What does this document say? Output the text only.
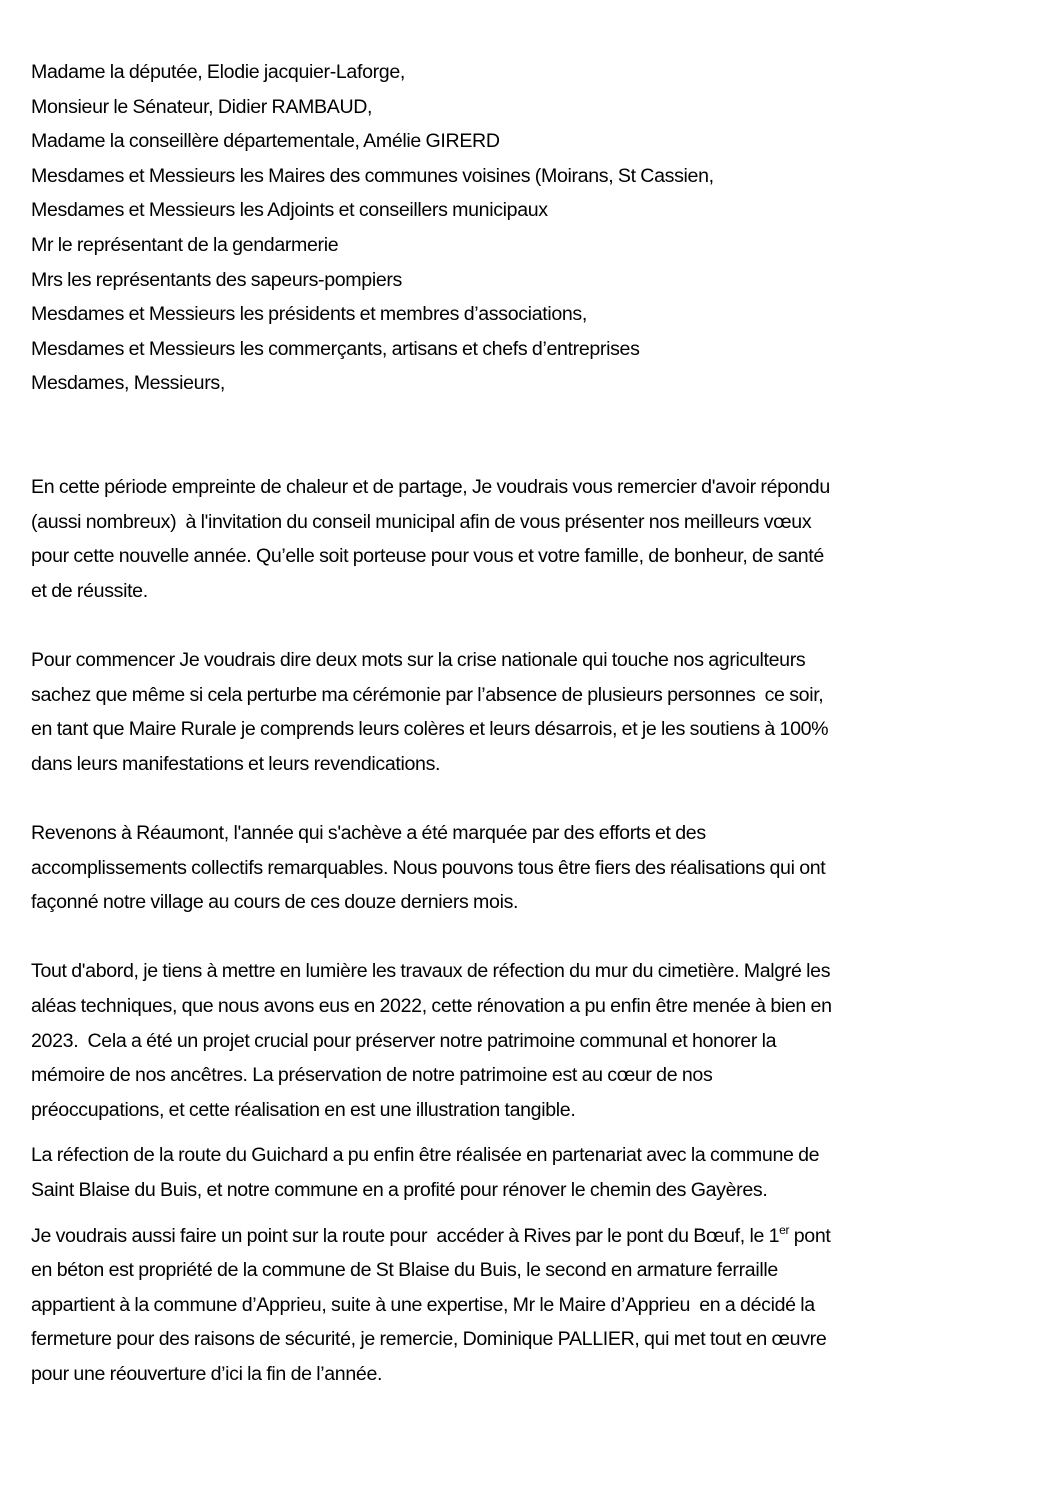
Madame la députée, Elodie jacquier-Laforge,

Monsieur le Sénateur, Didier RAMBAUD,

Madame la conseillère départementale, Amélie GIRERD

Mesdames et Messieurs les Maires des communes voisines (Moirans, St Cassien,

Mesdames et Messieurs les Adjoints et conseillers municipaux

Mr le représentant de la gendarmerie

Mrs les représentants des sapeurs-pompiers

Mesdames et Messieurs les présidents et membres d’associations,

Mesdames et Messieurs les commerçants, artisans et chefs d’entreprises

Mesdames, Messieurs,

En cette période empreinte de chaleur et de partage, Je voudrais vous remercier d'avoir répondu

(aussi nombreux)  à l'invitation du conseil municipal afin de vous présenter nos meilleurs vœux

pour cette nouvelle année. Qu’elle soit porteuse pour vous et votre famille, de bonheur, de santé

et de réussite.

Pour commencer Je voudrais dire deux mots sur la crise nationale qui touche nos agriculteurs

sachez que même si cela perturbe ma cérémonie par l’absence de plusieurs personnes  ce soir,

en tant que Maire Rurale je comprends leurs colères et leurs désarrois, et je les soutiens à 100%

dans leurs manifestations et leurs revendications.

Revenons à Réaumont, l'année qui s'achève a été marquée par des efforts et des

accomplissements collectifs remarquables. Nous pouvons tous être fiers des réalisations qui ont

façonné notre village au cours de ces douze derniers mois.

Tout d'abord, je tiens à mettre en lumière les travaux de réfection du mur du cimetière. Malgré les

aléas techniques, que nous avons eus en 2022, cette rénovation a pu enfin être menée à bien en

2023.  Cela a été un projet crucial pour préserver notre patrimoine communal et honorer la

mémoire de nos ancêtres. La préservation de notre patrimoine est au cœur de nos

préoccupations, et cette réalisation en est une illustration tangible.

La réfection de la route du Guichard a pu enfin être réalisée en partenariat avec la commune de

Saint Blaise du Buis, et notre commune en a profité pour rénover le chemin des Gayères.

Je voudrais aussi faire un point sur la route pour  accéder à Rives par le pont du Bœuf, le 1er pont

en béton est propriété de la commune de St Blaise du Buis, le second en armature ferraille

appartient à la commune d’Apprieu, suite à une expertise, Mr le Maire d’Apprieu  en a décidé la

fermeture pour des raisons de sécurité, je remercie, Dominique PALLIER, qui met tout en œuvre

pour une réouverture d’ici la fin de l’année.
